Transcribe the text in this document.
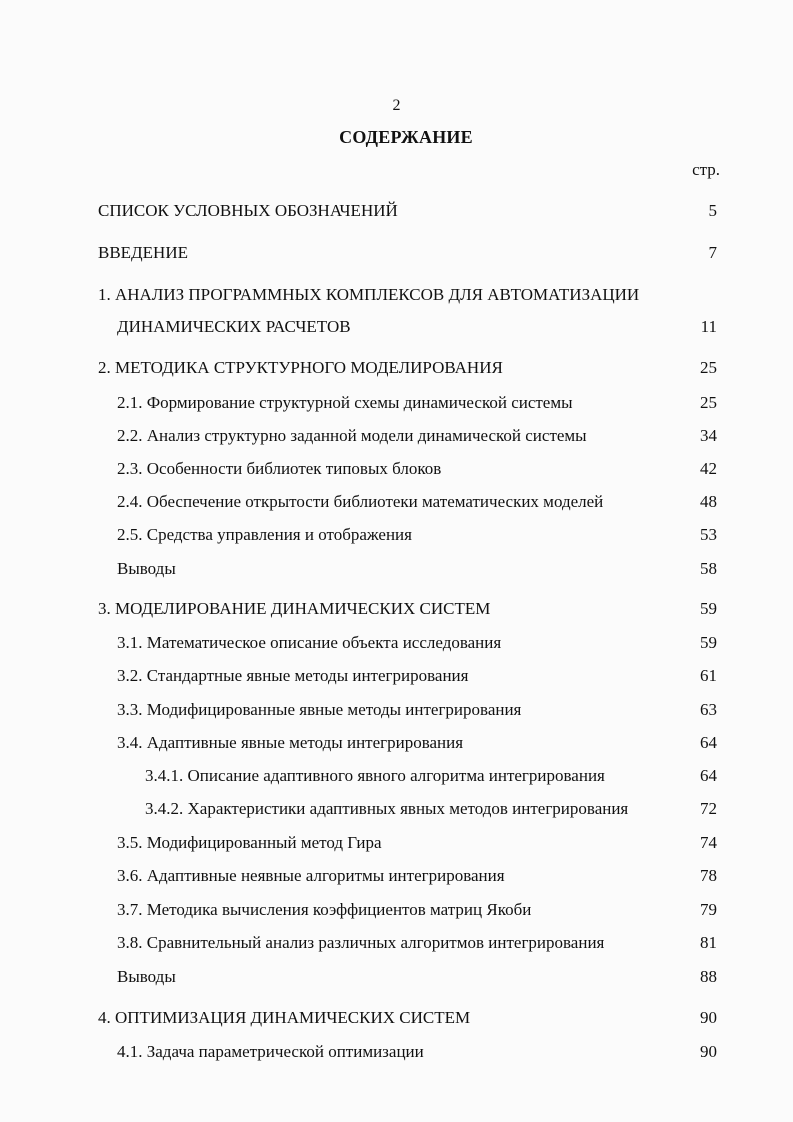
2
СОДЕРЖАНИЕ
стр.
СПИСОК УСЛОВНЫХ ОБОЗНАЧЕНИЙ	5
ВВЕДЕНИЕ	7
1. АНАЛИЗ ПРОГРАММНЫХ КОМПЛЕКСОВ ДЛЯ АВТОМАТИЗАЦИИ
ДИНАМИЧЕСКИХ РАСЧЕТОВ	11
2. МЕТОДИКА СТРУКТУРНОГО МОДЕЛИРОВАНИЯ	25
2.1. Формирование структурной схемы динамической системы	25
2.2. Анализ структурно заданной модели динамической системы	34
2.3. Особенности библиотек типовых блоков	42
2.4. Обеспечение открытости библиотеки математических моделей	48
2.5. Средства управления и отображения	53
Выводы	58
3. МОДЕЛИРОВАНИЕ ДИНАМИЧЕСКИХ СИСТЕМ	59
3.1. Математическое описание объекта исследования	59
3.2. Стандартные явные методы интегрирования	61
3.3. Модифицированные явные методы интегрирования	63
3.4. Адаптивные явные методы интегрирования	64
3.4.1. Описание адаптивного явного алгоритма интегрирования	64
3.4.2. Характеристики адаптивных явных методов интегрирования	72
3.5. Модифицированный метод Гира	74
3.6. Адаптивные неявные алгоритмы интегрирования	78
3.7. Методика вычисления коэффициентов матриц Якоби	79
3.8. Сравнительный анализ различных алгоритмов интегрирования	81
Выводы	88
4. ОПТИМИЗАЦИЯ ДИНАМИЧЕСКИХ СИСТЕМ	90
4.1. Задача параметрической оптимизации	90
